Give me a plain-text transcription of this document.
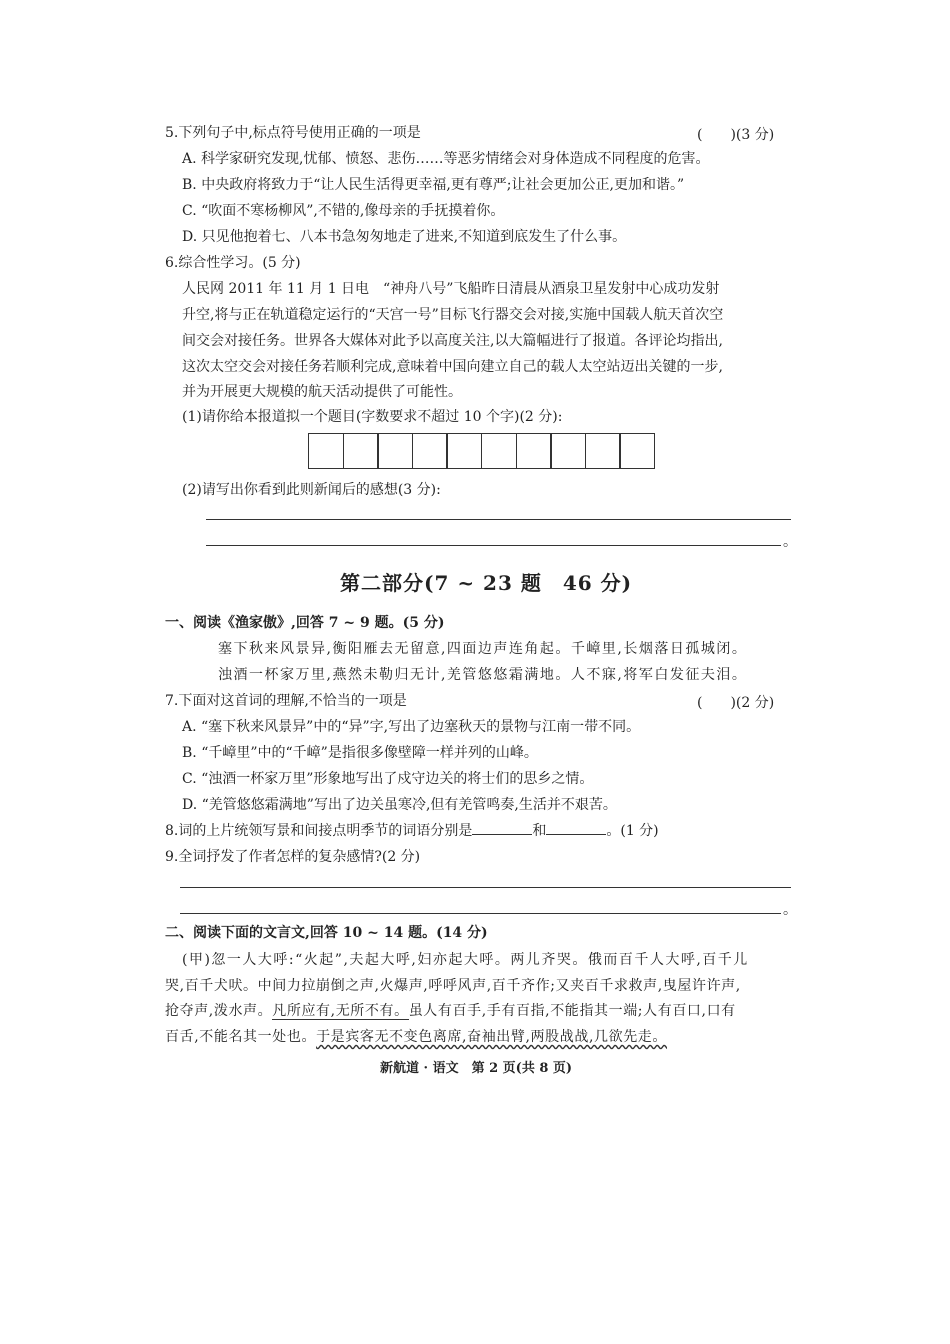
5.下列句子中,标点符号使用正确的一项是	(　　)(3 分)
A. 科学家研究发现,忧郁、愤怒、悲伤……等恶劣情绪会对身体造成不同程度的危害。
B. 中央政府将致力于“让人民生活得更幸福,更有尊严;让社会更加公正,更加和谐。”
C. “吹面不寒杨柳风”,不错的,像母亲的手抚摸着你。
D. 只见他抱着七、八本书急匆匆地走了进来,不知道到底发生了什么事。
6.综合性学习。(5 分)
人民网 2011 年 11 月 1 日电　“神舟八号”飞船昨日清晨从酒泉卫星发射中心成功发射
升空,将与正在轨道稳定运行的“天宫一号”目标飞行器交会对接,实施中国载人航天首次空
间交会对接任务。世界各大媒体对此予以高度关注,以大篇幅进行了报道。各评论均指出,
这次太空交会对接任务若顺利完成,意味着中国向建立自己的载人太空站迈出关键的一步,
并为开展更大规模的航天活动提供了可能性。
(1)请你给本报道拟一个题目(字数要求不超过 10 个字)(2 分):
(2)请写出你看到此则新闻后的感想(3 分):
。
第二部分(7 ~ 23 题　46 分)
一、阅读《渔家傲》,回答 7 ~ 9 题。(5 分)
塞下秋来风景异,衡阳雁去无留意,四面边声连角起。千嶂里,长烟落日孤城闭。
浊酒一杯家万里,燕然未勒归无计,羌管悠悠霜满地。人不寐,将军白发征夫泪。
7.下面对这首词的理解,不恰当的一项是	(　　)(2 分)
A. “塞下秋来风景异”中的“异”字,写出了边塞秋天的景物与江南一带不同。
B. “千嶂里”中的“千嶂”是指很多像壁障一样并列的山峰。
C. “浊酒一杯家万里”形象地写出了戍守边关的将士们的思乡之情。
D. “羌管悠悠霜满地”写出了边关虽寒冷,但有羌管鸣奏,生活并不艰苦。
8.词的上片统领写景和间接点明季节的词语分别是	和	。(1 分)
9.全词抒发了作者怎样的复杂感情?(2 分)
。
二、阅读下面的文言文,回答 10 ~ 14 题。(14 分)
(甲)忽一人大呼:“火起”,夫起大呼,妇亦起大呼。两儿齐哭。俄而百千人大呼,百千儿
哭,百千犬吠。中间力拉崩倒之声,火爆声,呼呼风声,百千齐作;又夹百千求救声,曳屋许许声,
抢夺声,泼水声。凡所应有,无所不有。虽人有百手,手有百指,不能指其一端;人有百口,口有
百舌,不能名其一处也。于是宾客无不变色离席,奋袖出臂,两股战战,几欲先走。
新航道 · 语文　第 2 页(共 8 页)
